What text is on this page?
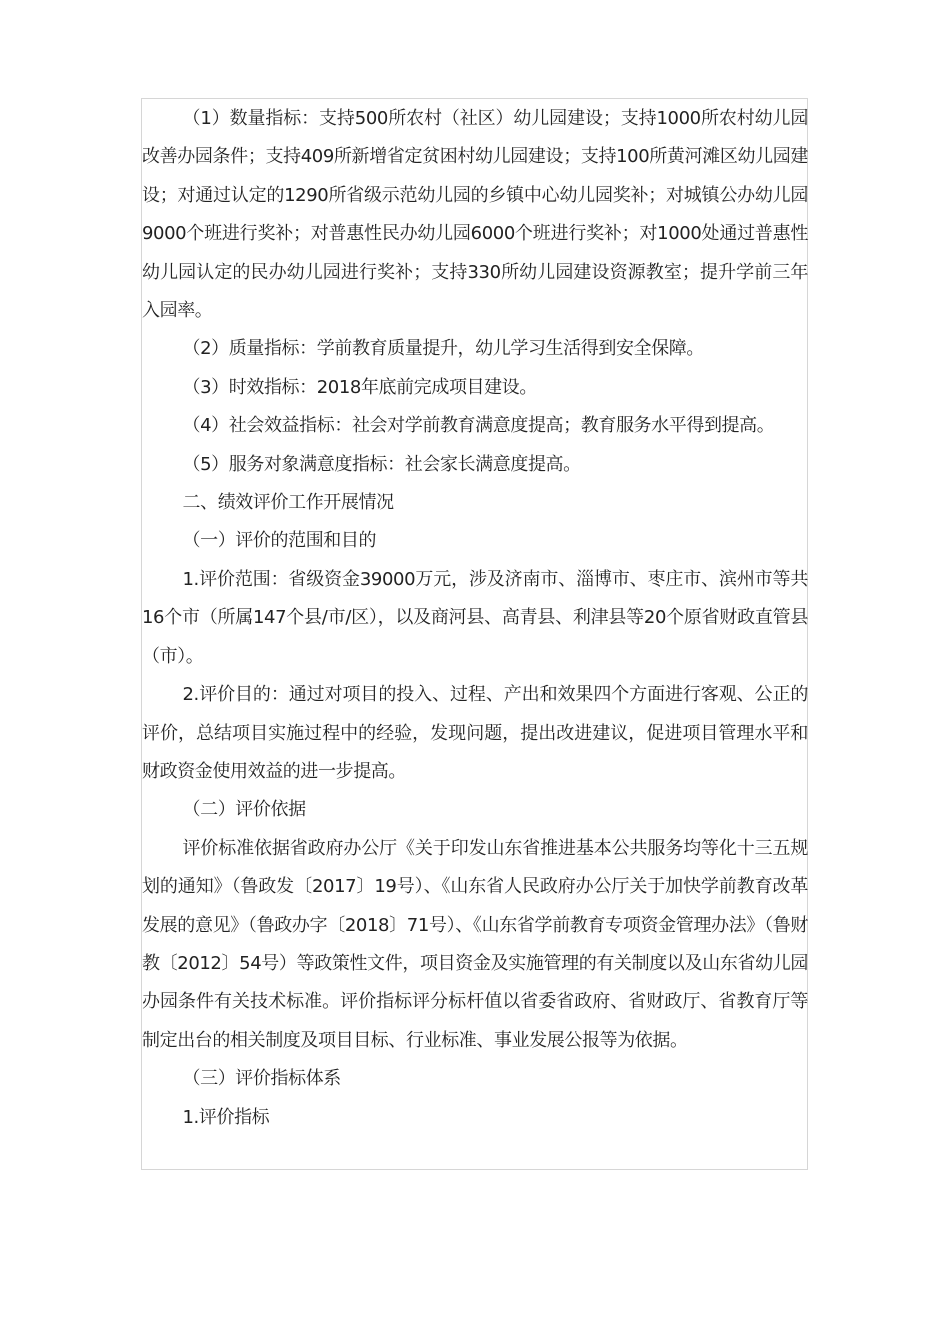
（1）数量指标：支持500所农村（社区）幼儿园建设；支持1000所农村幼儿园改善办园条件；支持409所新增省定贫困村幼儿园建设；支持100所黄河滩区幼儿园建设；对通过认定的1290所省级示范幼儿园的乡镇中心幼儿园奖补；对城镇公办幼儿园9000个班进行奖补；对普惠性民办幼儿园6000个班进行奖补；对1000处通过普惠性幼儿园认定的民办幼儿园进行奖补；支持330所幼儿园建设资源教室；提升学前三年入园率。

（2）质量指标：学前教育质量提升，幼儿学习生活得到安全保障。

（3）时效指标：2018年底前完成项目建设。

（4）社会效益指标：社会对学前教育满意度提高；教育服务水平得到提高。

（5）服务对象满意度指标：社会家长满意度提高。

二、绩效评价工作开展情况

（一）评价的范围和目的

1.评价范围：省级资金39000万元，涉及济南市、淄博市、枣庄市、滨州市等共16个市（所属147个县/市/区），以及商河县、高青县、利津县等20个原省财政直管县（市）。

2.评价目的：通过对项目的投入、过程、产出和效果四个方面进行客观、公正的评价，总结项目实施过程中的经验，发现问题，提出改进建议，促进项目管理水平和财政资金使用效益的进一步提高。

（二）评价依据

评价标准依据省政府办公厅《关于印发山东省推进基本公共服务均等化十三五规划的通知》（鲁政发〔2017〕19号）、《山东省人民政府办公厅关于加快学前教育改革发展的意见》（鲁政办字〔2018〕71号）、《山东省学前教育专项资金管理办法》（鲁财教〔2012〕54号）等政策性文件，项目资金及实施管理的有关制度以及山东省幼儿园办园条件有关技术标准。评价指标评分标杆值以省委省政府、省财政厅、省教育厅等制定出台的相关制度及项目目标、行业标准、事业发展公报等为依据。

（三）评价指标体系

1.评价指标
